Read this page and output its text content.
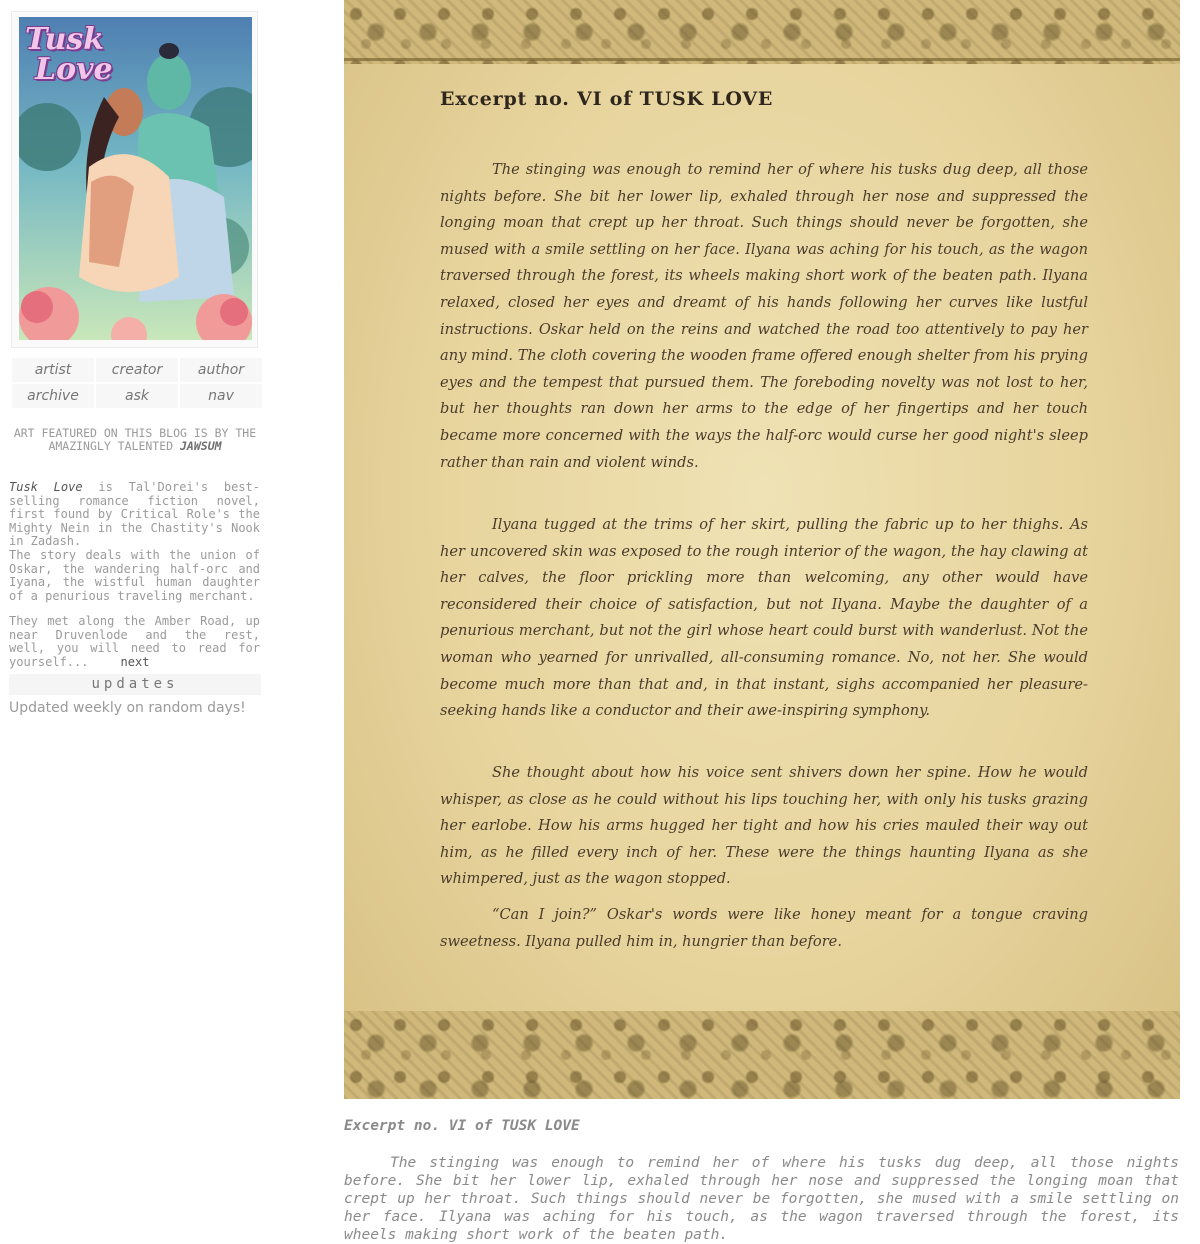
Tusk
Love
artist	creator	author
archive	ask	nav
ART FEATURED ON THIS BLOG IS BY THE AMAZINGLY TALENTED JAWSUM

Tusk Love is Tal'Dorei's best-selling romance fiction novel, first found by Critical Role's the Mighty Nein in the Chastity's Nook in Zadash.

The story deals with the union of Oskar, the wandering half-orc and Iyana, the wistful human daughter of a penurious traveling merchant.

They met along the Amber Road, up near Druvenlode and the rest, well, you will need to read for yourself...	next
updates
Updated weekly on random days!
Excerpt no. VI of TUSK LOVE

The stinging was enough to remind her of where his tusks dug deep, all those nights before. She bit her lower lip, exhaled through her nose and suppressed the longing moan that crept up her throat. Such things should never be forgotten, she mused with a smile settling on her face. Ilyana was aching for his touch, as the wagon traversed through the forest, its wheels making short work of the beaten path. Ilyana relaxed, closed her eyes and dreamt of his hands following her curves like lustful instructions. Oskar held on the reins and watched the road too attentively to pay her any mind. The cloth covering the wooden frame offered enough shelter from his prying eyes and the tempest that pursued them. The foreboding novelty was not lost to her, but her thoughts ran down her arms to the edge of her fingertips and her touch became more concerned with the ways the half-orc would curse her good night's sleep rather than rain and violent winds.

Ilyana tugged at the trims of her skirt, pulling the fabric up to her thighs. As her uncovered skin was exposed to the rough interior of the wagon, the hay clawing at her calves, the floor prickling more than welcoming, any other would have reconsidered their choice of satisfaction, but not Ilyana. Maybe the daughter of a penurious merchant, but not the girl whose heart could burst with wanderlust. Not the woman who yearned for unrivalled, all-consuming romance. No, not her. She would become much more than that and, in that instant, sighs accompanied her pleasure-seeking hands like a conductor and their awe-inspiring symphony.

She thought about how his voice sent shivers down her spine. How he would whisper, as close as he could without his lips touching her, with only his tusks grazing her earlobe. How his arms hugged her tight and how his cries mauled their way out him, as he filled every inch of her. These were the things haunting Ilyana as she whimpered, just as the wagon stopped.

“Can I join?” Oskar's words were like honey meant for a tongue craving sweetness. Ilyana pulled him in, hungrier than before.

Excerpt no. VI of TUSK LOVE

The stinging was enough to remind her of where his tusks dug deep, all those nights before. She bit her lower lip, exhaled through her nose and suppressed the longing moan that crept up her throat. Such things should never be forgotten, she mused with a smile settling on her face. Ilyana was aching for his touch, as the wagon traversed through the forest, its wheels making short work of the beaten path.
